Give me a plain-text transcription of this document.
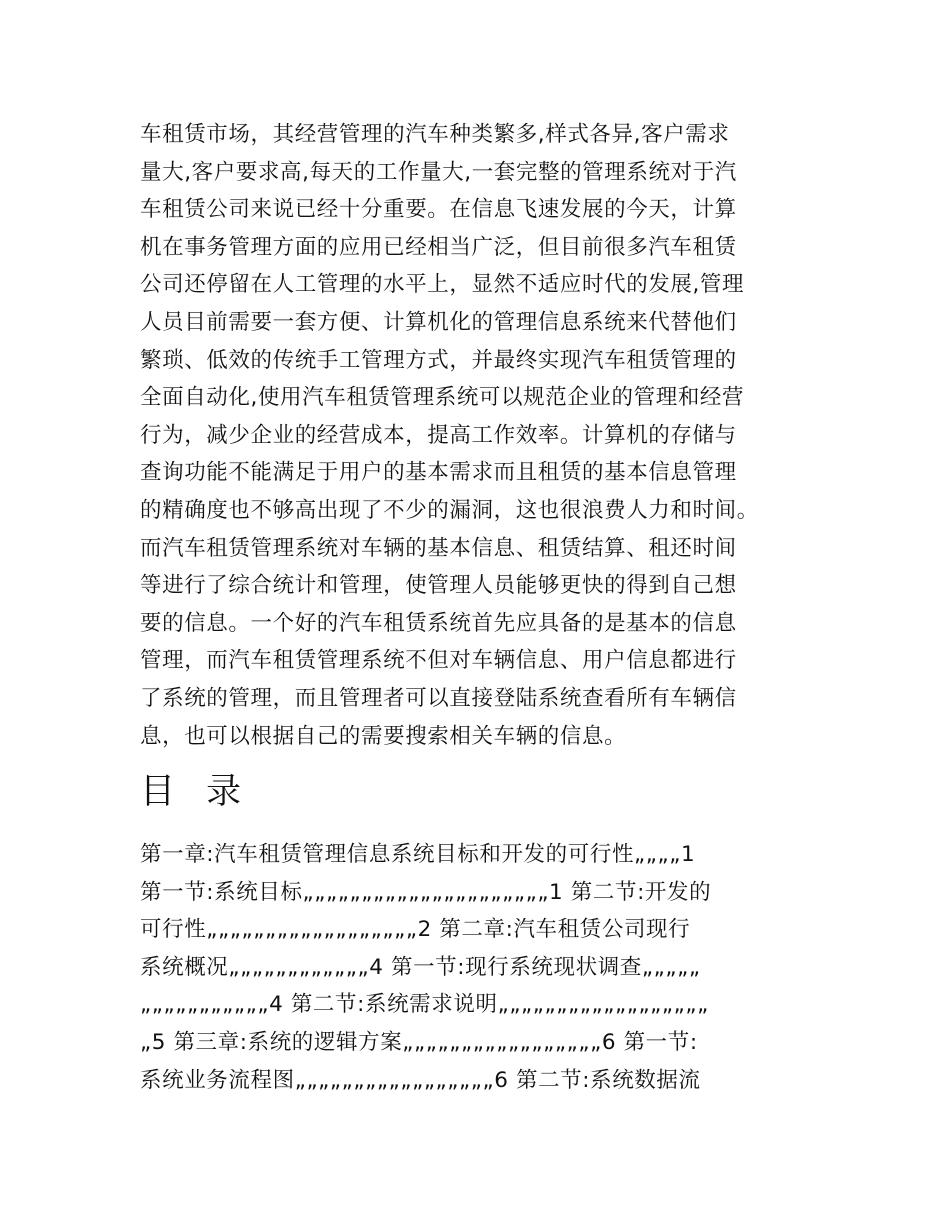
车租赁市场，其经营管理的汽车种类繁多,样式各异,客户需求
量大,客户要求高,每天的工作量大,一套完整的管理系统对于汽
车租赁公司来说已经十分重要。在信息飞速发展的今天，计算
机在事务管理方面的应用已经相当广泛，但目前很多汽车租赁
公司还停留在人工管理的水平上，显然不适应时代的发展,管理
人员目前需要一套方便、计算机化的管理信息系统来代替他们
繁琐、低效的传统手工管理方式，并最终实现汽车租赁管理的
全面自动化,使用汽车租赁管理系统可以规范企业的管理和经营
行为，减少企业的经营成本，提高工作效率。计算机的存储与
查询功能不能满足于用户的基本需求而且租赁的基本信息管理
的精确度也不够高出现了不少的漏洞，这也很浪费人力和时间。
而汽车租赁管理系统对车辆的基本信息、租赁结算、租还时间
等进行了综合统计和管理，使管理人员能够更快的得到自己想
要的信息。一个好的汽车租赁系统首先应具备的是基本的信息
管理，而汽车租赁管理系统不但对车辆信息、用户信息都进行
了系统的管理，而且管理者可以直接登陆系统查看所有车辆信
息，也可以根据自己的需要搜索相关车辆的信息。
目 录
第一章:汽车租赁管理信息系统目标和开发的可行性„„„„1
第一节:系统目标„„„„„„„„„„„„„„„„„„„„„1 第二节:开发的
可行性„„„„„„„„„„„„„„„„„„2 第二章:汽车租赁公司现行
系统概况„„„„„„„„„„„„4 第一节:现行系统现状调查„„„„„
„„„„„„„„„„„4 第二节:系统需求说明„„„„„„„„„„„„„„„„„„
„5 第三章:系统的逻辑方案„„„„„„„„„„„„„„„„„6 第一节:
系统业务流程图„„„„„„„„„„„„„„„„„6 第二节:系统数据流
